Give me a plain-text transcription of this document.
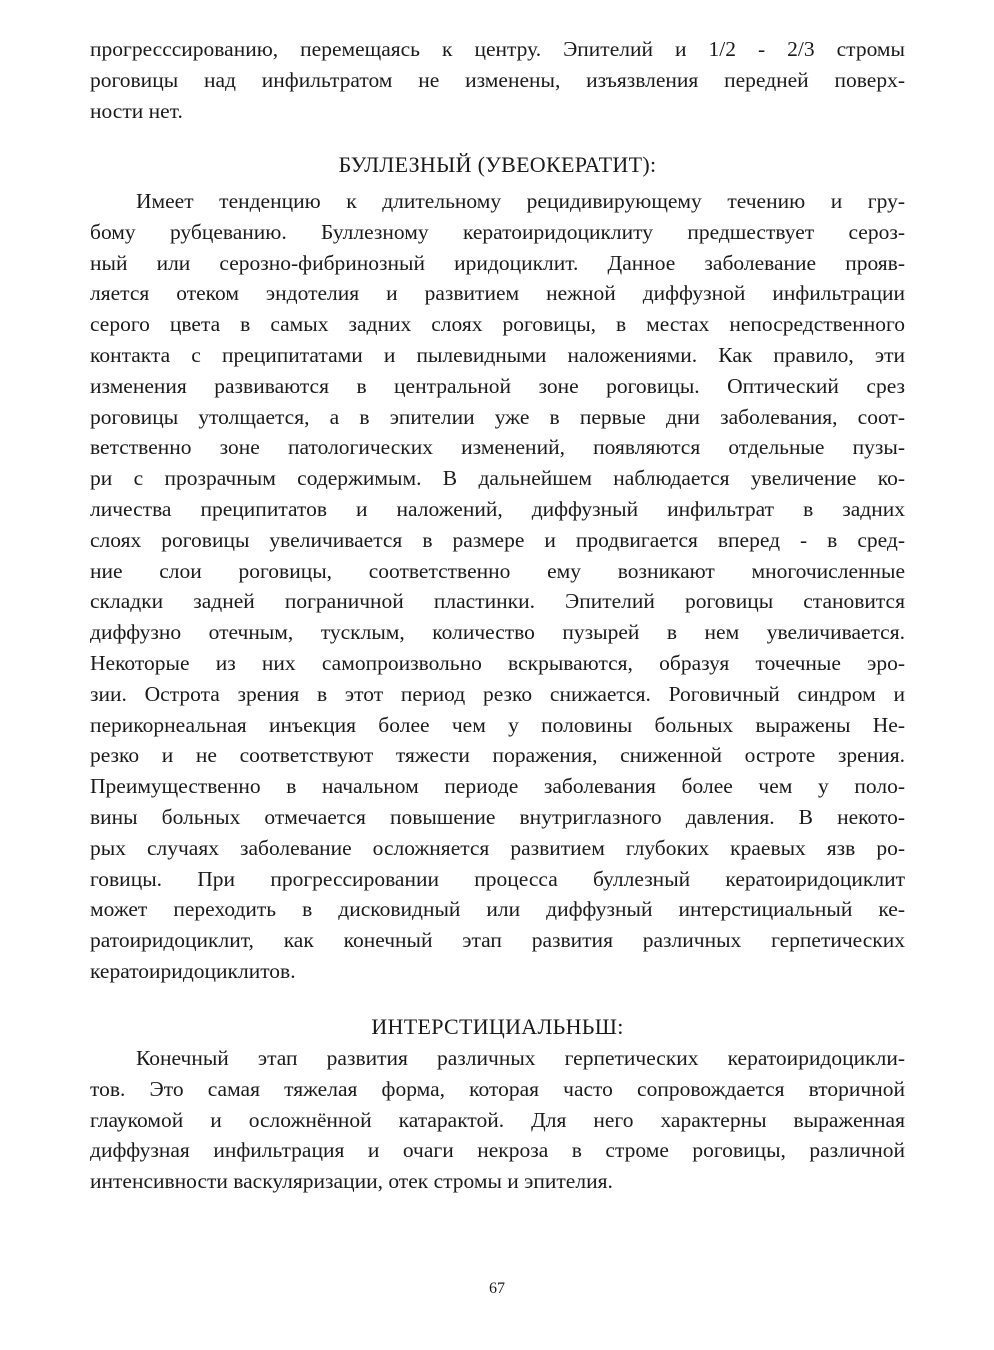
прогресссированию, перемещаясь к центру. Эпителий и 1/2 - 2/3 стромы
роговицы над инфильтратом не изменены, изъязвления передней поверх-
ности нет.
БУЛЛЕЗНЫЙ (УВЕОКЕРАТИТ):
Имеет тенденцию к длительному рецидивирующему течению и гру-
бому рубцеванию. Буллезному кератоиридоциклиту предшествует сероз-
ный или серозно-фибринозный иридоциклит. Данное заболевание прояв-
ляется отеком эндотелия и развитием нежной диффузной инфильтрации
серого цвета в самых задних слоях роговицы, в местах непосредственного
контакта с преципитатами и пылевидными наложениями. Как правило, эти
изменения развиваются в центральной зоне роговицы. Оптический срез
роговицы утолщается, а в эпителии уже в первые дни заболевания, соот-
ветственно зоне патологических изменений, появляются отдельные пузы-
ри с прозрачным содержимым. В дальнейшем наблюдается увеличение ко-
личества преципитатов и наложений, диффузный инфильтрат в задних
слоях роговицы увеличивается в размере и продвигается вперед - в сред-
ние слои роговицы, соответственно ему возникают многочисленные
складки задней пограничной пластинки. Эпителий роговицы становится
диффузно отечным, тусклым, количество пузырей в нем увеличивается.
Некоторые из них самопроизвольно вскрываются, образуя точечные эро-
зии. Острота зрения в этот период резко снижается. Роговичный синдром и
перикорнеальная инъекция более чем у половины больных выражены Не-
резко и не соответствуют тяжести поражения, сниженной остроте зрения.
Преимущественно в начальном периоде заболевания более чем у поло-
вины больных отмечается повышение внутриглазного давления. В некото-
рых случаях заболевание осложняется развитием глубоких краевых язв ро-
говицы. При прогрессировании процесса буллезный кератоиридоциклит
может переходить в дисковидный или диффузный интерстициальный ке-
ратоиридоциклит, как конечный этап развития различных герпетических
кератоиридоциклитов.
ИНТЕРСТИЦИАЛЬНЬШ:
Конечный этап развития различных герпетических кератоиридоцикли-
тов. Это самая тяжелая форма, которая часто сопровождается вторичной
глаукомой и осложнённой катарактой. Для него характерны выраженная
диффузная инфильтрация и очаги некроза в строме роговицы, различной
интенсивности васкуляризации, отек стромы и эпителия.
67
